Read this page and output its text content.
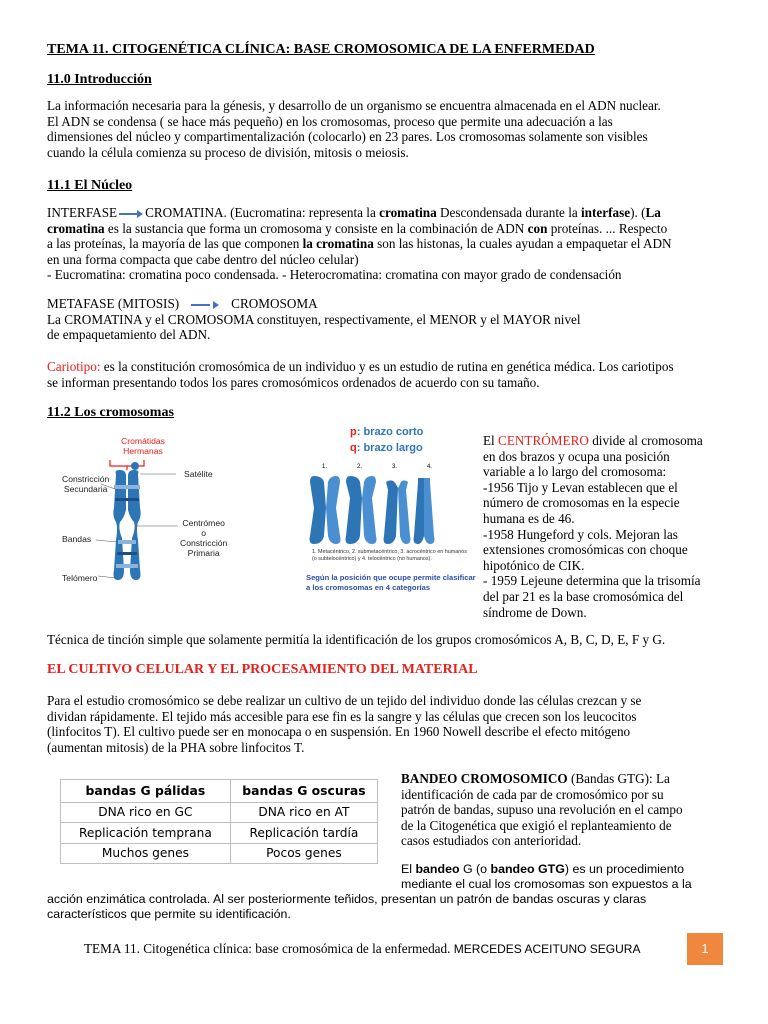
TEMA 11. CITOGENÉTICA CLÍNICA: BASE CROMOSOMICA DE LA ENFERMEDAD
11.0 Introducción

La información necesaria para la génesis, y desarrollo de un organismo se encuentra almacenada en el ADN nuclear.

El ADN se condensa ( se hace más pequeño) en los cromosomas, proceso que permite una adecuación a las

dimensiones del núcleo y compartimentalización (colocarlo) en 23 pares. Los cromosomas solamente son visibles

cuando la célula comienza su proceso de división, mitosis o meiosis.

11.1 El Núcleo

INTERFASE CROMATINA. (Eucromatina: representa la cromatina Descondensada durante la interfase). (La

cromatina es la sustancia que forma un cromosoma y consiste en la combinación de ADN con proteínas. ... Respecto

a las proteínas, la mayoría de las que componen la cromatina son las histonas, la cuales ayudan a empaquetar el ADN

en una forma compacta que cabe dentro del núcleo celular)

- Eucromatina: cromatina poco condensada. - Heterocromatina: cromatina con mayor grado de condensación

METAFASE (MITOSIS)	CROMOSOMA

La CROMATINA y el CROMOSOMA constituyen, respectivamente, el MENOR y el MAYOR nivel

de empaquetamiento del ADN.

Cariotipo: es la constitución cromosómica de un individuo y es un estudio de rutina en genética médica. Los cariotipos

se informan presentando todos los pares cromosómicos ordenados de acuerdo con su tamaño.

11.2 Los cromosomas
Cromátidas
Hermanas
Satélite
Constricción
Secundaria
Bandas
Centrómeo
o
Constricción
Primaria
Telómero
p: brazo corto
q: brazo largo
1.	2.	3.	4.
1. Metacéntrico, 2. submetacéntrico, 3. acrocéntrico en humanos
(o subtelocéntrico) y 4. telocéntrico (no humanos).
Según la posición que ocupe permite clasificar
a los cromosomas en 4 categorías

El CENTRÓMERO divide al cromosoma

en dos brazos y ocupa una posición

variable a lo largo del cromosoma:

-1956 Tijo y Levan establecen que el

número de cromosomas en la especie

humana es de 46.

-1958 Hungeford y cols. Mejoran las

extensiones cromosómicas con choque

hipotónico de CIK.

- 1959 Lejeune determina que la trisomía

del par 21 es la base cromosómica del

síndrome de Down.

Técnica de tinción simple que solamente permitía la identificación de los grupos cromosómicos A, B, C, D, E, F y G.
EL CULTIVO CELULAR Y EL PROCESAMIENTO DEL MATERIAL

Para el estudio cromosómico se debe realizar un cultivo de un tejido del individuo donde las células crezcan y se

dividan rápidamente. El tejido más accesible para ese fin es la sangre y las células que crecen son los leucocitos

(linfocitos T). El cultivo puede ser en monocapa o en suspensión. En 1960 Nowell describe el efecto mitógeno

(aumentan mitosis) de la PHA sobre linfocitos T.

bandas G pálidas	bandas G oscuras
DNA rico en GC	DNA rico en AT
Replicación temprana	Replicación tardía
Muchos genes	Pocos genes

BANDEO CROMOSOMICO (Bandas GTG): La

identificación de cada par de cromosómico por su

patrón de bandas, supuso una revolución en el campo

de la Citogenética que exigió el replanteamiento de

casos estudiados con anterioridad.

El bandeo G (o bandeo GTG) es un procedimiento

mediante el cual los cromosomas son expuestos a la

acción enzimática controlada. Al ser posteriormente teñidos, presentan un patrón de bandas oscuras y claras

característicos que permite su identificación.

TEMA 11. Citogenética clínica: base cromosómica de la enfermedad. MERCEDES ACEITUNO SEGURA	1
